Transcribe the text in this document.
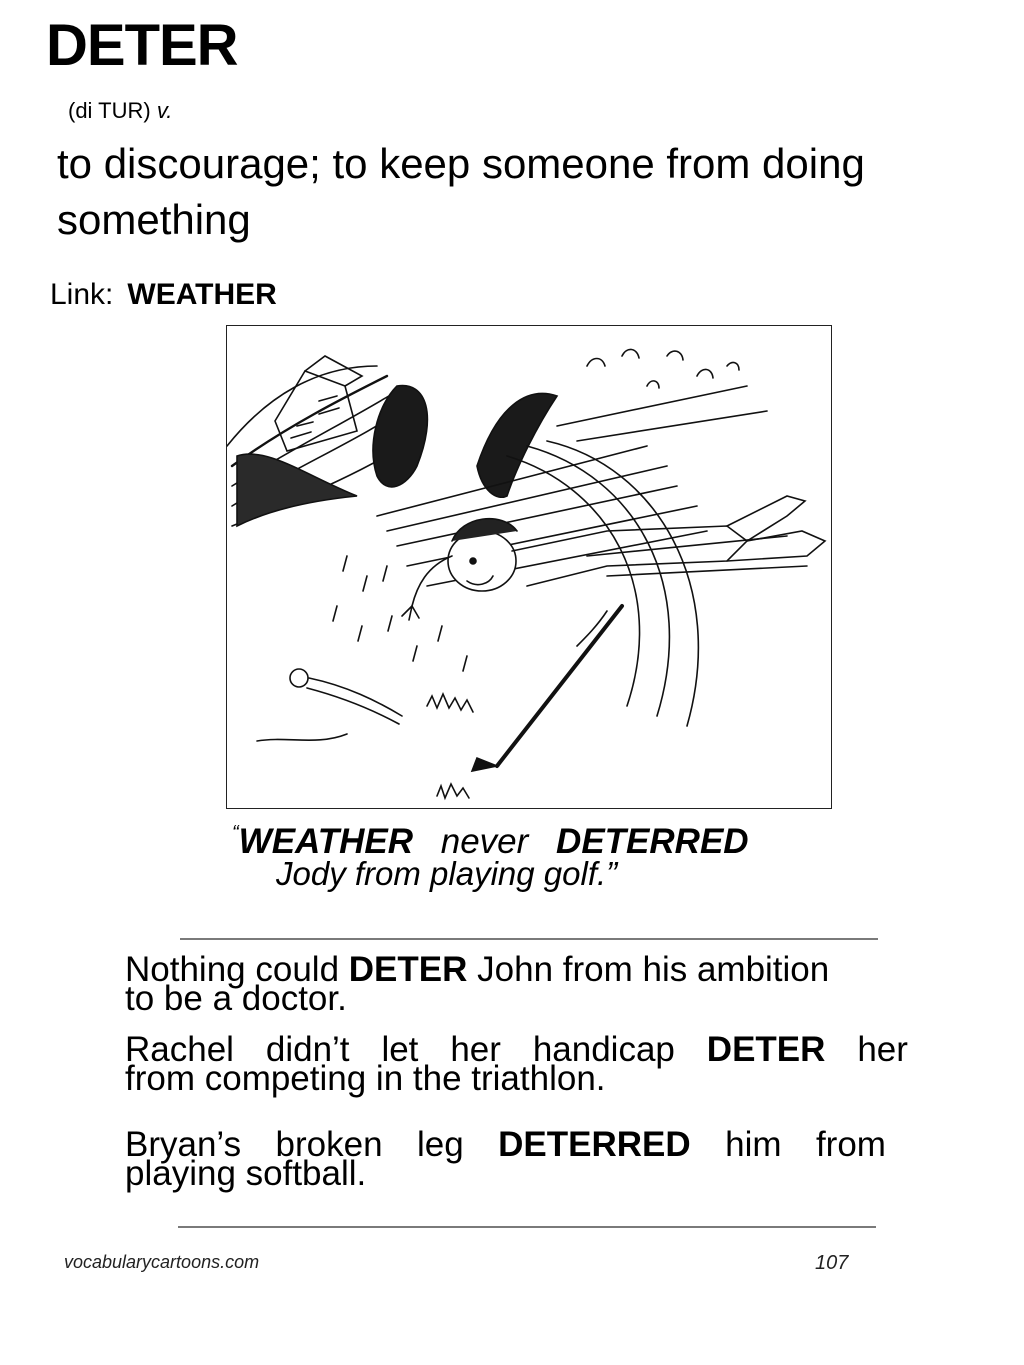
DETER
(di TUR) v.
to discourage; to keep someone from doing something
Link: WEATHER
“WEATHER never DETERRED
Jody from playing golf.”
Nothing could
DETER
John from his ambition
to be a doctor.
Rachel didn’t let her handicap DETER her
from competing in the triathlon.
Bryan’s broken leg DETERRED him from
playing softball.
vocabularycartoons.com	107
